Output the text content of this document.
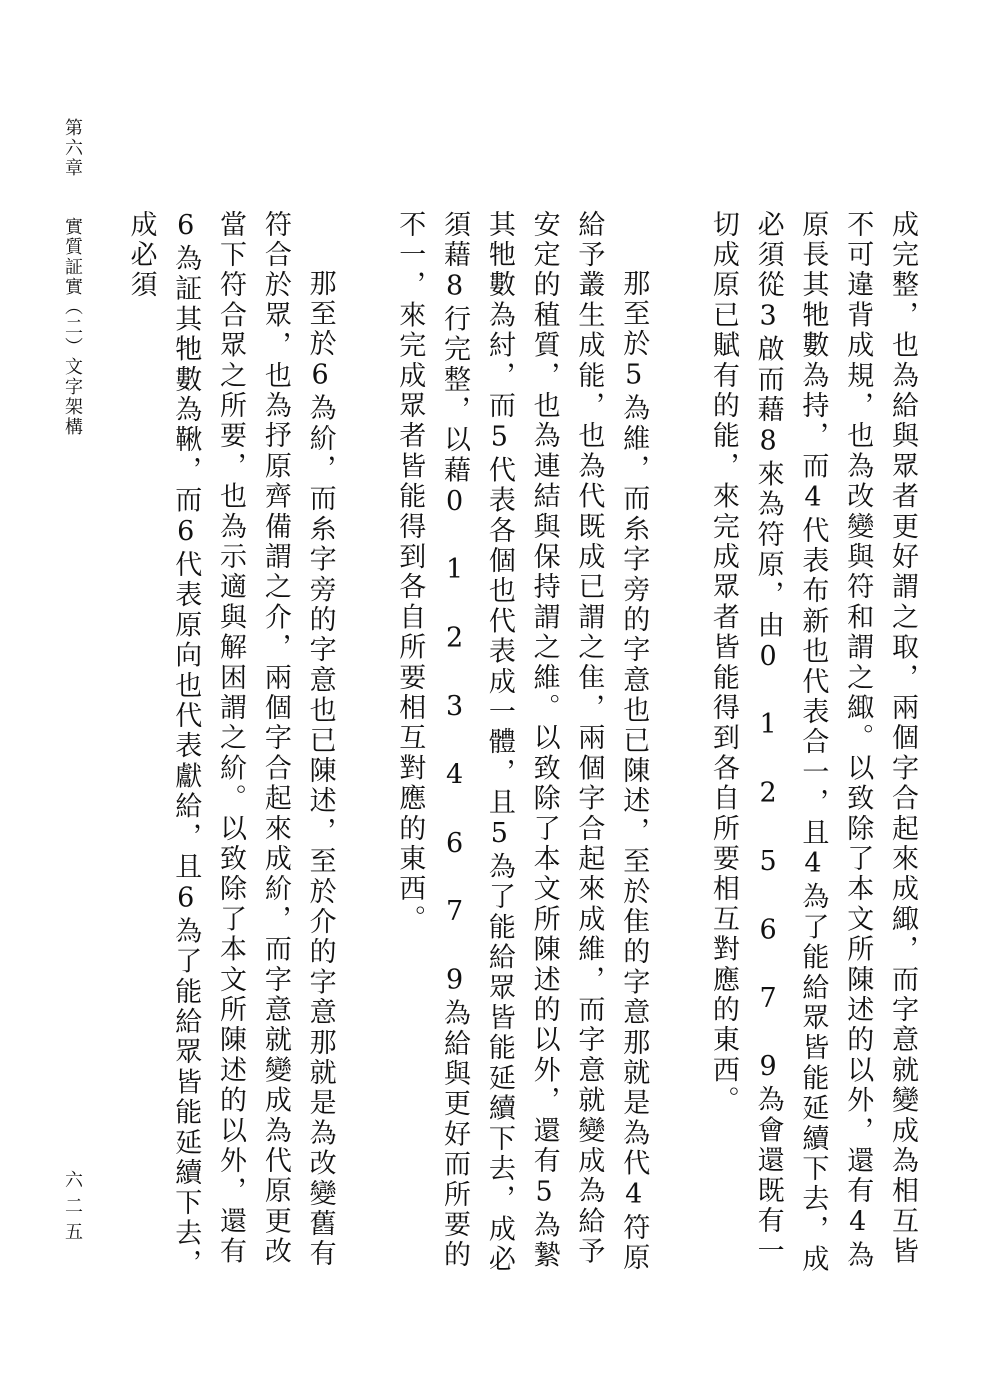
第六章 實質証實（二）文字架構	成完整，也為給與眾者更好謂之取，兩個字合起來成緅，而字意就變成為相互皆不可違背成規，也為改變與符和謂之緅。以致除了本文所陳述的以外，還有4為原長其牠數為持，而4代表布新也代表合一，且4為了能給眾皆能延續下去，成必須從3啟而藉8來為符原，由0 1 2 5 6 7 9為會還既有一切成原已賦有的能，來完成眾者皆能得到各自所要相互對應的東西。

那至於5為維，而糸字旁的字意也已陳述，至於隹的字意那就是為代4符原給予叢生成能，也為代既成已謂之隹，兩個字合起來成維，而字意就變成為給予安定的稙質，也為連結與保持謂之維。以致除了本文所陳述的以外，還有5為縶其牠數為紂，而5代表各個也代表成一體，且5為了能給眾皆能延續下去，成必須藉8行完整，以藉0 1 2 3 4 6 7 9為給與更好而所要的不一，來完成眾者皆能得到各自所要相互對應的東西。

那至於6為紒，而糸字旁的字意也已陳述，至於介的字意那就是為改變舊有符合於眾，也為抒原齊備謂之介，兩個字合起來成紒，而字意就變成為代原更改當下符合眾之所要，也為示適與解困謂之紒。以致除了本文所陳述的以外，還有6為証其牠數為鞦，而6代表原向也代表獻給，且6為了能給眾皆能延續下去，成必須

六二五
